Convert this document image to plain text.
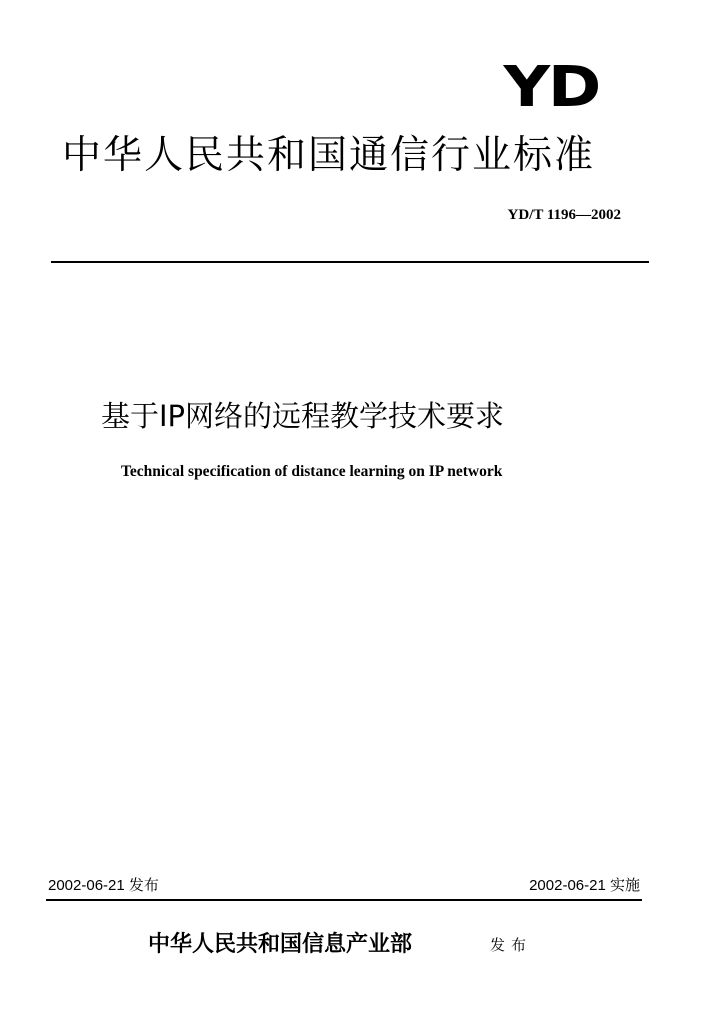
YD
中华人民共和国通信行业标准
YD/T 1196—2002
基于IP网络的远程教学技术要求
Technical specification of distance learning on IP network
2002-06-21 发布	2002-06-21 实施
中华人民共和国信息产业部	发布
